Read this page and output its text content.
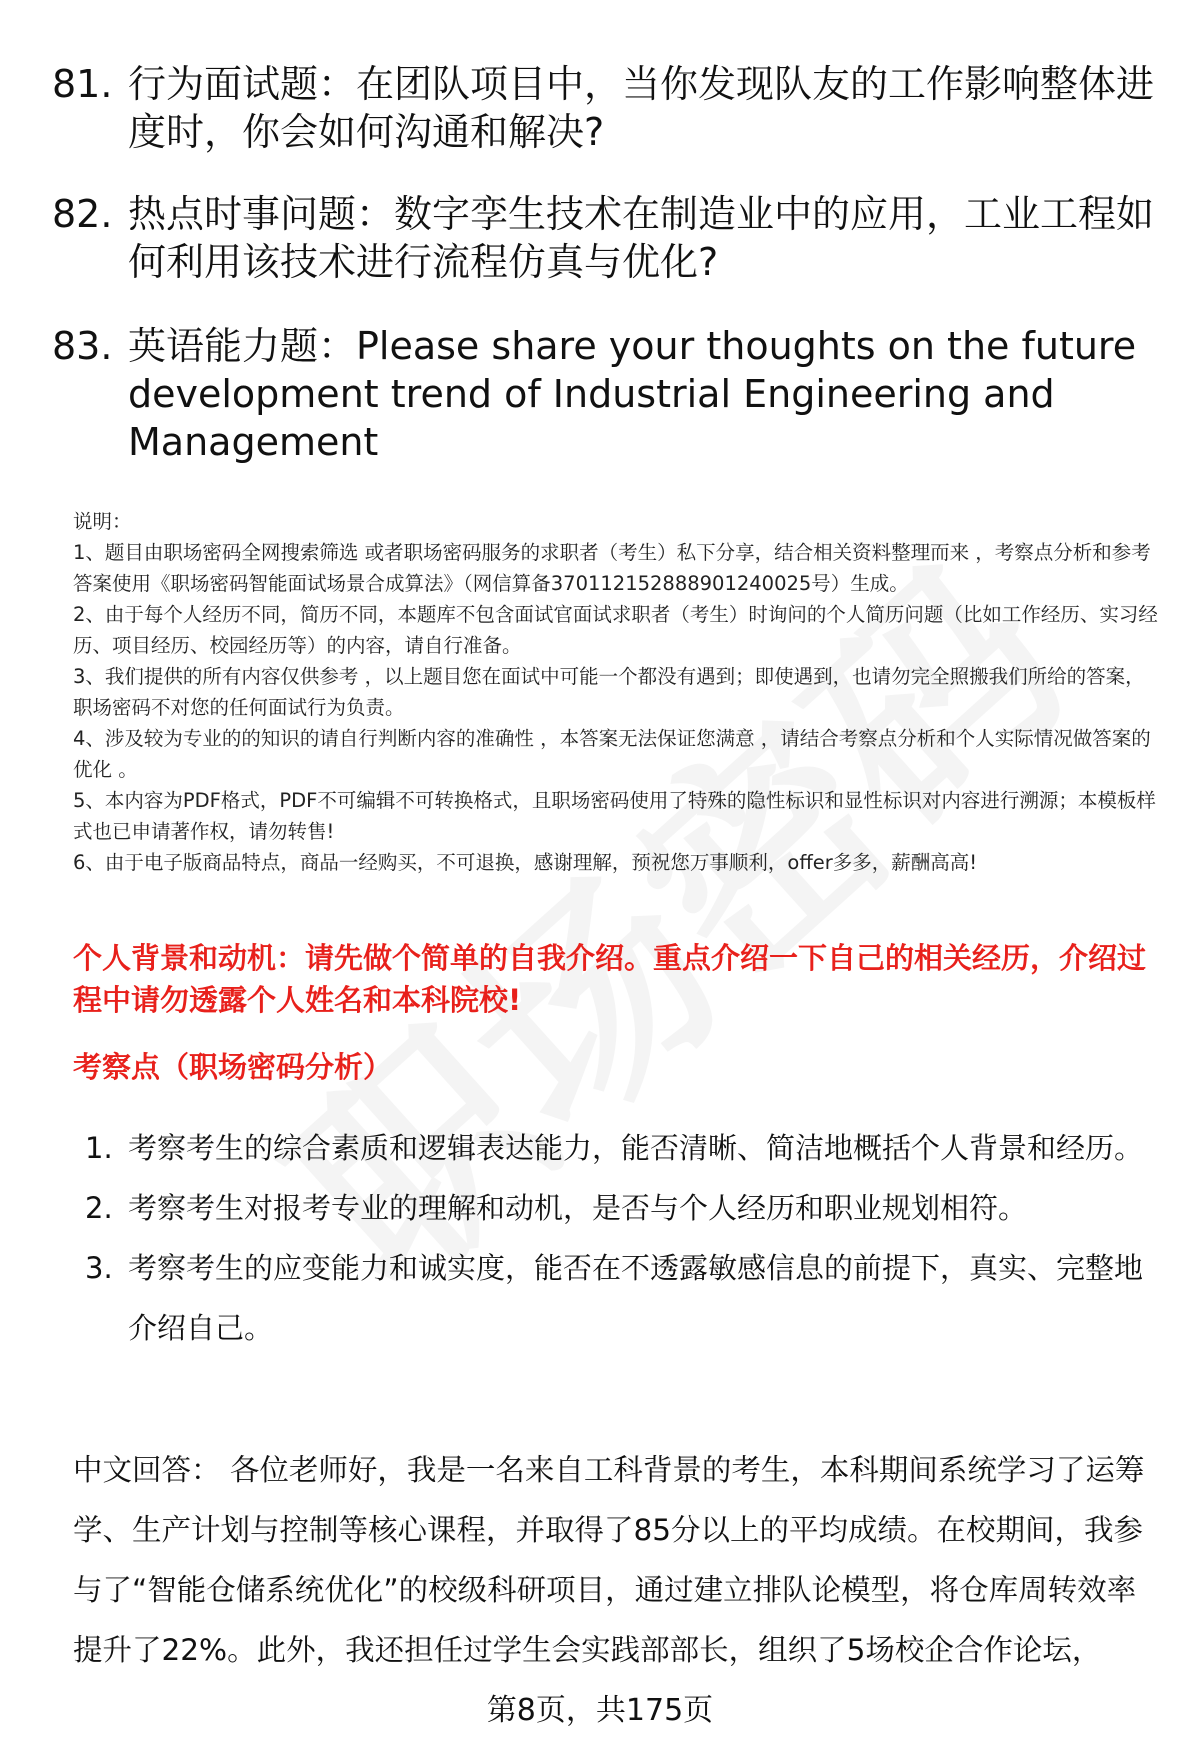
81. 行为面试题：在团队项目中，当你发现队友的工作影响整体进度时，你会如何沟通和解决?
82. 热点时事问题：数字孪生技术在制造业中的应用，工业工程如何利用该技术进行流程仿真与优化?
83. 英语能力题：Please share your thoughts on the future development trend of Industrial Engineering and Management

说明：

1、题目由职场密码全网搜索筛选 或者职场密码服务的求职者（考生）私下分享，结合相关资料整理而来 ，考察点分析和参考答案使用《职场密码智能面试场景合成算法》（网信算备370112152888901240025号）生成。

2、由于每个人经历不同，简历不同，本题库不包含面试官面试求职者（考生）时询问的个人简历问题（比如工作经历、实习经历、项目经历、校园经历等）的内容，请自行准备。

3、我们提供的所有内容仅供参考 ，以上题目您在面试中可能一个都没有遇到；即使遇到，也请勿完全照搬我们所给的答案，职场密码不对您的任何面试行为负责。

4、涉及较为专业的的知识的请自行判断内容的准确性 ，本答案无法保证您满意 ，请结合考察点分析和个人实际情况做答案的优化 。

5、本内容为PDF格式，PDF不可编辑不可转换格式，且职场密码使用了特殊的隐性标识和显性标识对内容进行溯源；本模板样式也已申请著作权，请勿转售!

6、由于电子版商品特点，商品一经购买，不可退换，感谢理解，预祝您万事顺利，offer多多，薪酬高高!

个人背景和动机：请先做个简单的自我介绍。重点介绍一下自己的相关经历，介绍过程中请勿透露个人姓名和本科院校!
考察点（职场密码分析）
1. 考察考生的综合素质和逻辑表达能力，能否清晰、简洁地概括个人背景和经历。
2. 考察考生对报考专业的理解和动机，是否与个人经历和职业规划相符。
3. 考察考生的应变能力和诚实度，能否在不透露敏感信息的前提下，真实、完整地介绍自己。

中文回答： 各位老师好，我是一名来自工科背景的考生，本科期间系统学习了运筹学、生产计划与控制等核心课程，并取得了85分以上的平均成绩。在校期间，我参与了“智能仓储系统优化”的校级科研项目，通过建立排队论模型，将仓库周转效率提升了22%。此外，我还担任过学生会实践部部长，组织了5场校企合作论坛，

第8页，共175页
